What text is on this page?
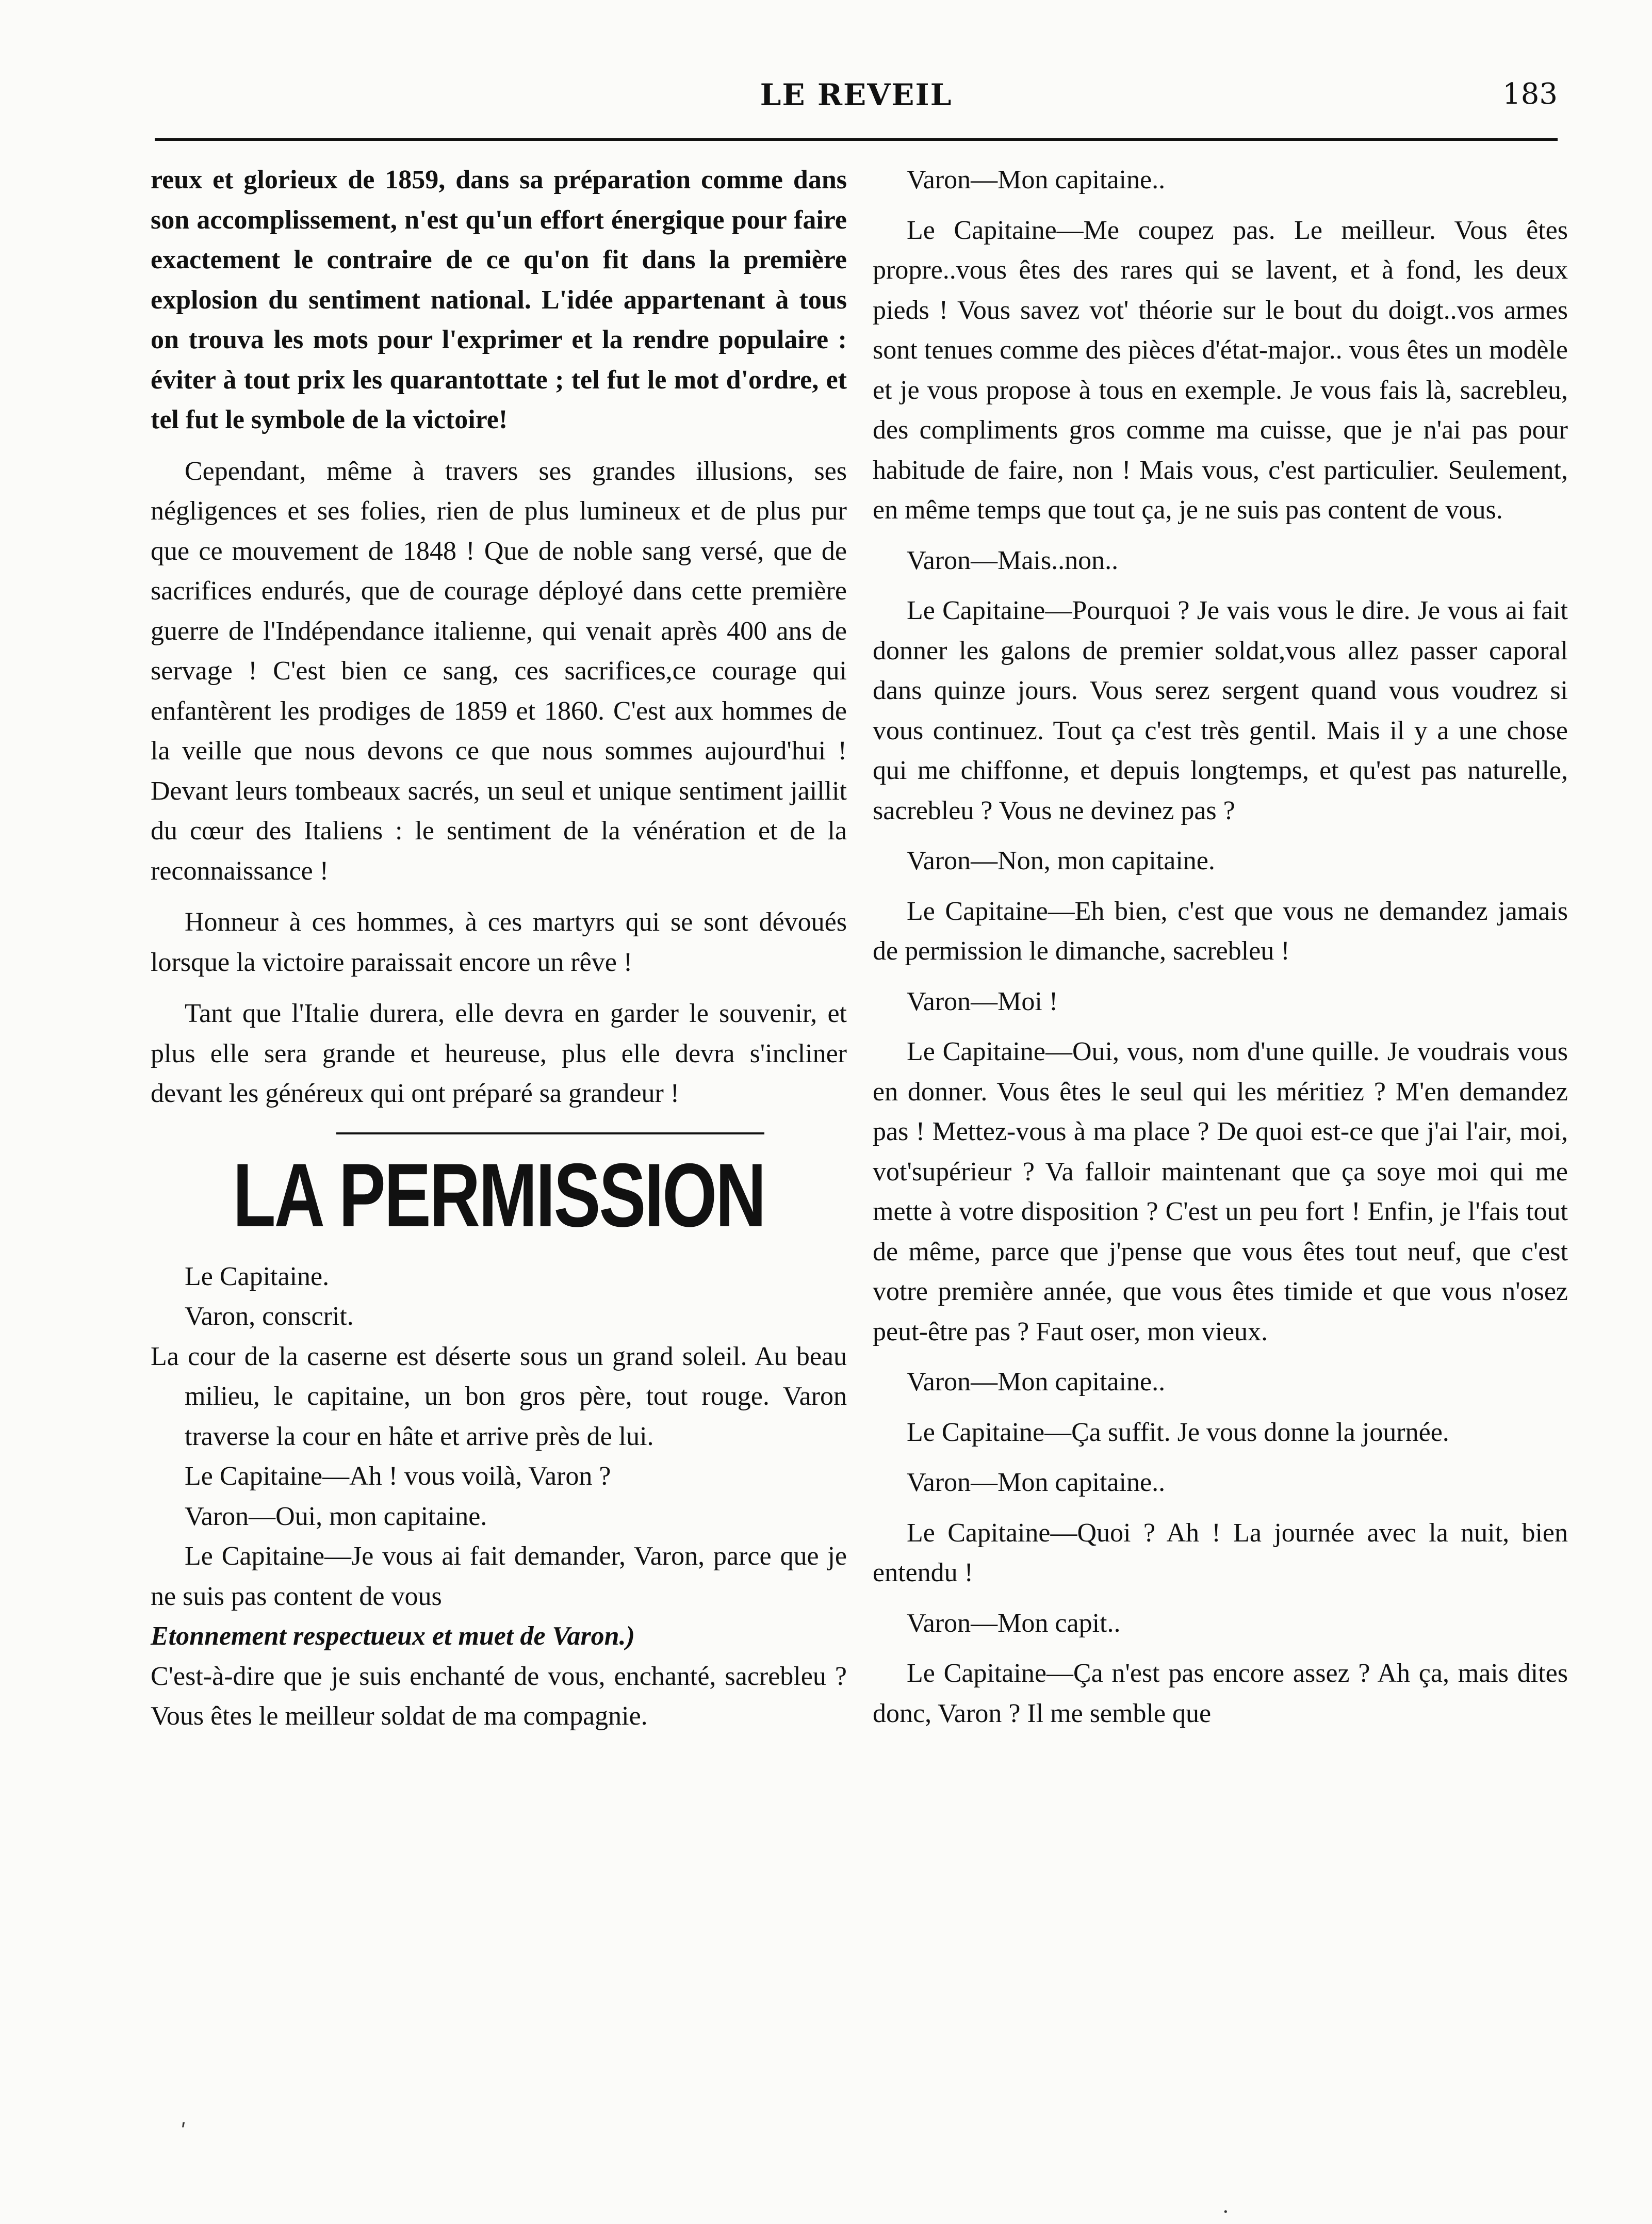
LE REVEIL	183

reux et glorieux de 1859, dans sa préparation comme dans son accomplissement, n'est qu'un effort énergique pour faire exactement le contraire de ce qu'on fit dans la première explosion du sentiment national. L'idée appartenant à tous on trouva les mots pour l'exprimer et la rendre populaire : éviter à tout prix les quarantottate ; tel fut le mot d'ordre, et tel fut le symbole de la victoire!

Cependant, même à travers ses grandes illusions, ses négligences et ses folies, rien de plus lumineux et de plus pur que ce mouvement de 1848 ! Que de noble sang versé, que de sacrifices endurés, que de courage déployé dans cette première guerre de l'Indépendance italienne, qui venait après 400 ans de servage ! C'est bien ce sang, ces sacrifices,ce courage qui enfantèrent les prodiges de 1859 et 1860. C'est aux hommes de la veille que nous devons ce que nous sommes aujourd'hui ! Devant leurs tombeaux sacrés, un seul et unique sentiment jaillit du cœur des Italiens : le sentiment de la vénération et de la reconnaissance !

Honneur à ces hommes, à ces martyrs qui se sont dévoués lorsque la victoire paraissait encore un rêve !

Tant que l'Italie durera, elle devra en garder le souvenir, et plus elle sera grande et heureuse, plus elle devra s'incliner devant les généreux qui ont préparé sa grandeur !

LA PERMISSION

Le Capitaine.

Varon, conscrit.

La cour de la caserne est déserte sous un grand soleil. Au beau milieu, le capitaine, un bon gros père, tout rouge. Varon traverse la cour en hâte et arrive près de lui.

Le Capitaine—Ah ! vous voilà, Varon ?

Varon—Oui, mon capitaine.

Le Capitaine—Je vous ai fait demander, Varon, parce que je ne suis pas content de vous

Etonnement respectueux et muet de Varon.)

C'est-à-dire que je suis enchanté de vous, enchanté, sacrebleu ? Vous êtes le meilleur soldat de ma compagnie.

Varon—Mon capitaine..

Le Capitaine—Me coupez pas. Le meilleur. Vous êtes propre..vous êtes des rares qui se lavent, et à fond, les deux pieds ! Vous savez vot' théorie sur le bout du doigt..vos armes sont tenues comme des pièces d'état-major.. vous êtes un modèle et je vous propose à tous en exemple. Je vous fais là, sacrebleu, des compliments gros comme ma cuisse, que je n'ai pas pour habitude de faire, non ! Mais vous, c'est particulier. Seulement, en même temps que tout ça, je ne suis pas content de vous.

Varon—Mais..non..

Le Capitaine—Pourquoi ? Je vais vous le dire. Je vous ai fait donner les galons de premier soldat,vous allez passer caporal dans quinze jours. Vous serez sergent quand vous voudrez si vous continuez. Tout ça c'est très gentil. Mais il y a une chose qui me chiffonne, et depuis longtemps, et qu'est pas naturelle, sacrebleu ? Vous ne devinez pas ?

Varon—Non, mon capitaine.

Le Capitaine—Eh bien, c'est que vous ne demandez jamais de permission le dimanche, sacrebleu !

Varon—Moi !

Le Capitaine—Oui, vous, nom d'une quille. Je voudrais vous en donner. Vous êtes le seul qui les méritiez ? M'en demandez pas ! Mettez-vous à ma place ? De quoi est-ce que j'ai l'air, moi, vot'supérieur ? Va falloir maintenant que ça soye moi qui me mette à votre disposition ? C'est un peu fort ! Enfin, je l'fais tout de même, parce que j'pense que vous êtes tout neuf, que c'est votre première année, que vous êtes timide et que vous n'osez peut-être pas ? Faut oser, mon vieux.

Varon—Mon capitaine..

Le Capitaine—Ça suffit. Je vous donne la journée.

Varon—Mon capitaine..

Le Capitaine—Quoi ? Ah ! La journée avec la nuit, bien entendu !

Varon—Mon capit..

Le Capitaine—Ça n'est pas encore assez ? Ah ça, mais dites donc, Varon ? Il me semble que

ʹ
·
